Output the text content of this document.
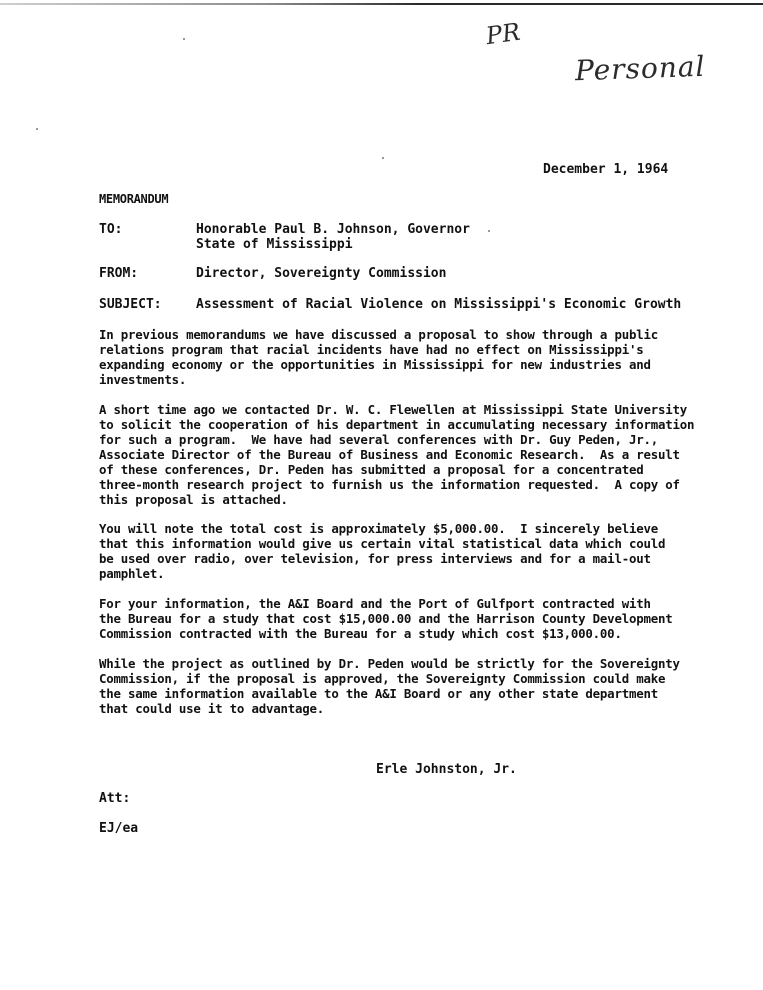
PR
Personal
December 1, 1964
MEMORANDUM
TO:	Honorable Paul B. Johnson, Governor
State of Mississippi
FROM:	Director, Sovereignty Commission
SUBJECT:	Assessment of Racial Violence on Mississippi's Economic Growth

In previous memorandums we have discussed a proposal to show through a public
relations program that racial incidents have had no effect on Mississippi's
expanding economy or the opportunities in Mississippi for new industries and
investments.

A short time ago we contacted Dr. W. C. Flewellen at Mississippi State University
to solicit the cooperation of his department in accumulating necessary information
for such a program.  We have had several conferences with Dr. Guy Peden, Jr.,
Associate Director of the Bureau of Business and Economic Research.  As a result
of these conferences, Dr. Peden has submitted a proposal for a concentrated
three-month research project to furnish us the information requested.  A copy of
this proposal is attached.

You will note the total cost is approximately $5,000.00.  I sincerely believe
that this information would give us certain vital statistical data which could
be used over radio, over television, for press interviews and for a mail-out
pamphlet.

For your information, the A&I Board and the Port of Gulfport contracted with
the Bureau for a study that cost $15,000.00 and the Harrison County Development
Commission contracted with the Bureau for a study which cost $13,000.00.

While the project as outlined by Dr. Peden would be strictly for the Sovereignty
Commission, if the proposal is approved, the Sovereignty Commission could make
the same information available to the A&I Board or any other state department
that could use it to advantage.

Erle Johnston, Jr.
Att:
EJ/ea
